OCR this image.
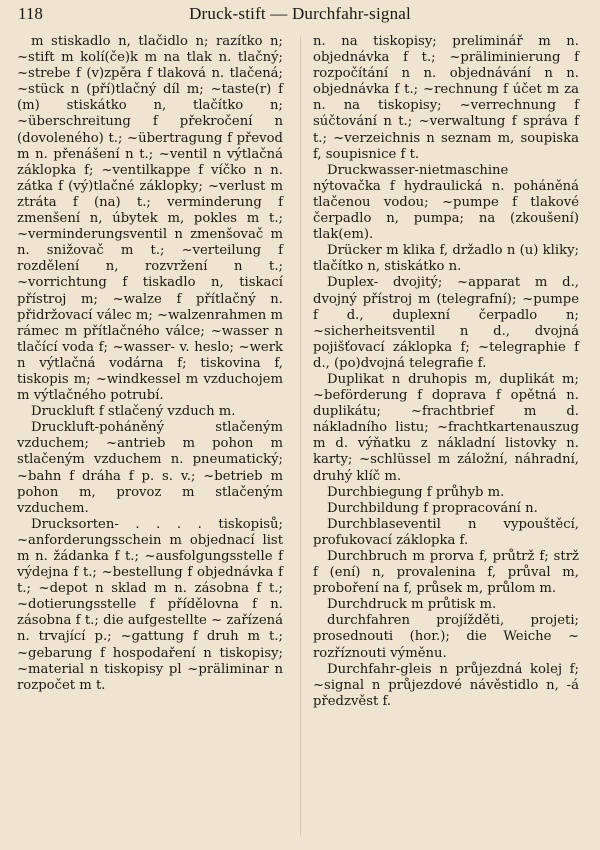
118	Druck-stift — Durchfahr-signal

m stiskadlo n, tlačidlo n; razítko n; ~stift m kolí(če)k m na tlak n. tlačný; ~strebe f (v)zpěra f tlaková n. tlačená; ~stück n (pří)tlačný díl m; ~taste(r) f (m) stiskátko n, tlačítko n; ~überschreitung f překročení n (dovoleného) t.; ~übertragung f převod m n. přenášení n t.; ~ventil n výtlačná záklopka f; ~ventilkappe f víčko n n. zátka f (vý)tlačné záklopky; ~verlust m ztráta f (na) t.; verminderung f zmenšení n, úbytek m, pokles m t.; ~verminderungsventil n zmenšovač m n. snižovač m t.; ~verteilung f rozdělení n, rozvržení n t.; ~vorrichtung f tiskadlo n, tiskací přístroj m; ~walze f přítlačný n. přidržovací válec m; ~walzenrahmen m rámec m přítlačného válce; ~wasser n tlačící voda f; ~wasser- v. heslo; ~werk n výtlačná vodárna f; tiskovina f, tiskopis m; ~windkessel m vzduchojem m výtlačného potrubí.

Druckluft f stlačený vzduch m.

Druckluft-poháněný stlačeným vzduchem; ~antrieb m pohon m stlačeným vzduchem n. pneumatický; ~bahn f dráha f p. s. v.; ~betrieb m pohon m, provoz m stlačeným vzduchem.

Drucksorten- . . . . tiskopisů; ~anforderungsschein m objednací list m n. žádanka f t.; ~ausfolgungsstelle f výdejna f t.; ~bestellung f objednávka f t.; ~depot n sklad m n. zásobna f t.; ~dotierungsstelle f přídělovna f n. zásobna f t.; die aufgestellte ~ zařízená n. trvající p.; ~gattung f druh m t.; ~gebarung f hospodaření n tiskopisy; ~material n tiskopisy pl ~präliminar n rozpočet m t.

n. na tiskopisy; preliminář m n. objednávka f t.; ~präliminierung f rozpočítání n n. objednávání n n. objednávka f t.; ~rechnung f účet m za n. na tiskopisy; ~verrechnung f súčtování n t.; ~verwaltung f správa f t.; ~verzeichnis n seznam m, soupiska f, soupisnice f t.

Druckwasser-nietmaschine nýtovačka f hydraulická n. poháněná tlačenou vodou; ~pumpe f tlakové čerpadlo n, pumpa; na (zkoušení) tlak(em).

Drücker m klika f, držadlo n (u) kliky; tlačítko n, stiskátko n.

Duplex- dvojitý; ~apparat m d., dvojný přístroj m (telegrafní); ~pumpe f d., duplexní čerpadlo n; ~sicherheitsventil n d., dvojná pojišťovací záklopka f; ~telegraphie f d., (po)dvojná telegrafie f.

Duplikat n druhopis m, duplikát m; ~beförderung f doprava f opětná n. duplikátu; ~frachtbrief m d. nákladního listu; ~frachtkartenauszug m d. výňatku z nákladní listovky n. karty; ~schlüssel m záložní, náhradní, druhý klíč m.

Durchbiegung f průhyb m.

Durchbildung f propracování n.

Durchblaseventil n vypouštěcí, profukovací záklopka f.

Durchbruch m prorva f, průtrž f; strž f (ení) n, provalenina f, průval m, proboření na f, průsek m, průlom m.

Durchdruck m průtisk m.

durchfahren projížděti, projeti; prosednouti (hor.); die Weiche ~ rozříznouti výměnu.

Durchfahr-gleis n průjezdná kolej f; ~signal n průjezdové návěstidlo n, -á předzvěst f.
